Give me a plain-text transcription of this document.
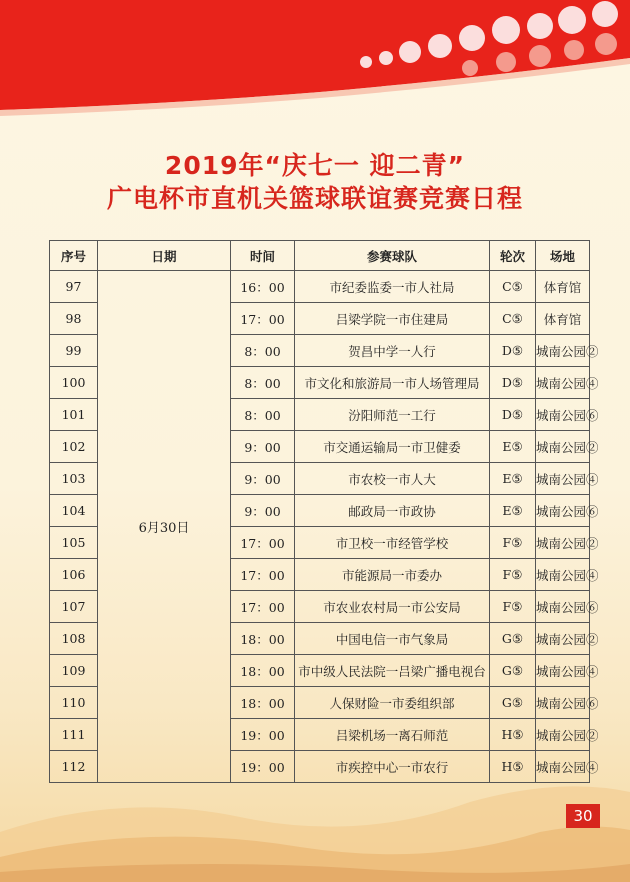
2019年“庆七一 迎二青”
广电杯市直机关篮球联谊赛竞赛日程
序号	日期	时间	参赛球队	轮次	场地
97	6月30日	16：00	市纪委监委一市人社局	C⑤	体育馆
98		17：00	吕梁学院一市住建局	C⑤	体育馆
99		8：00	贺昌中学一人行	D⑤	城南公园②
100		8：00	市文化和旅游局一市人场管理局	D⑤	城南公园④
101		8：00	汾阳师范一工行	D⑤	城南公园⑥
102		9：00	市交通运输局一市卫健委	E⑤	城南公园②
103		9：00	市农校一市人大	E⑤	城南公园④
104		9：00	邮政局一市政协	E⑤	城南公园⑥
105		17：00	市卫校一市经管学校	F⑤	城南公园②
106		17：00	市能源局一市委办	F⑤	城南公园④
107		17：00	市农业农村局一市公安局	F⑤	城南公园⑥
108		18：00	中国电信一市气象局	G⑤	城南公园②
109		18：00	市中级人民法院一吕梁广播电视台	G⑤	城南公园④
110		18：00	人保财险一市委组织部	G⑤	城南公园⑥
111		19：00	吕梁机场一离石师范	H⑤	城南公园②
112		19：00	市疾控中心一市农行	H⑤	城南公园④
30
